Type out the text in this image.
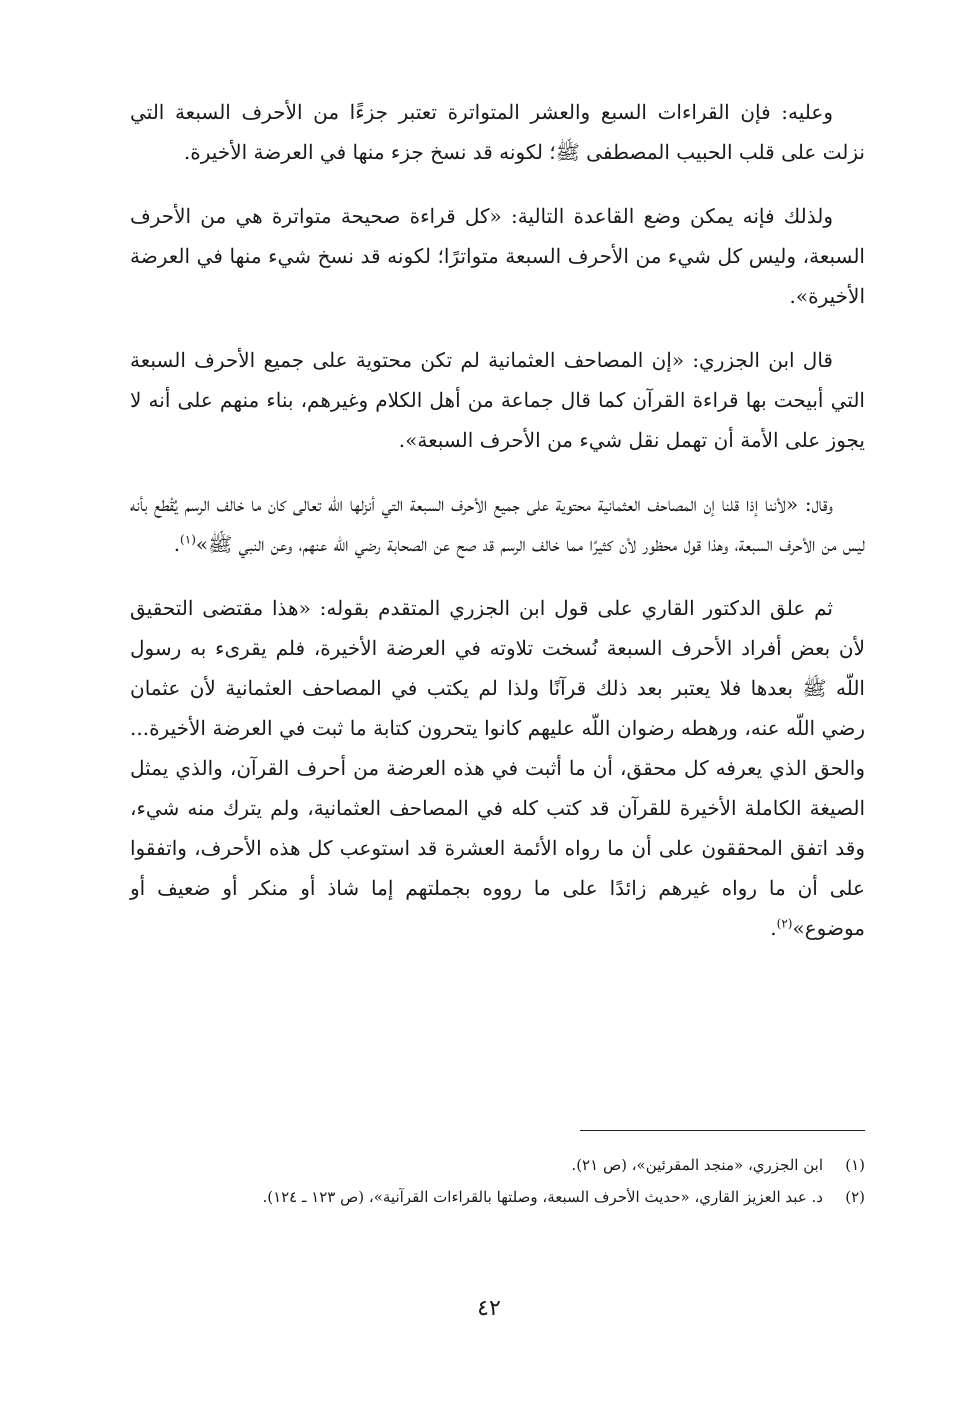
وعليه: فإن القراءات السبع والعشر المتواترة تعتبر جزءًا من الأحرف السبعة التي نزلت على قلب الحبيب المصطفى ﷺ؛ لكونه قد نسخ جزء منها في العرضة الأخيرة.

ولذلك فإنه يمكن وضع القاعدة التالية: «كل قراءة صحيحة متواترة هي من الأحرف السبعة، وليس كل شيء من الأحرف السبعة متواترًا؛ لكونه قد نسخ شيء منها في العرضة الأخيرة».

قال ابن الجزري: «إن المصاحف العثمانية لم تكن محتوية على جميع الأحرف السبعة التي أبيحت بها قراءة القرآن كما قال جماعة من أهل الكلام وغيرهم، بناء منهم على أنه لا يجوز على الأمة أن تهمل نقل شيء من الأحرف السبعة».

وقال: «لأننا إذا قلنا إن المصاحف العثمانية محتوية على جميع الأحرف السبعة التي أنزلها اللّه تعالى كان ما خالف الرسم يُقْطع بأنه ليس من الأحرف السبعة، وهذا قول محظور لأن كثيرًا مما خالف الرسم قد صح عن الصحابة رضي اللّه عنهم، وعن النبي ﷺ»$^{(١)}$.

ثم علق الدكتور القاري على قول ابن الجزري المتقدم بقوله: «هذا مقتضى التحقيق لأن بعض أفراد الأحرف السبعة نُسخت تلاوته في العرضة الأخيرة، فلم يقرىء به رسول اللّه ﷺ بعدها فلا يعتبر بعد ذلك قرآنًا ولذا لم يكتب في المصاحف العثمانية لأن عثمان رضي اللّه عنه، ورهطه رضوان اللّه عليهم كانوا يتحرون كتابة ما ثبت في العرضة الأخيرة... والحق الذي يعرفه كل محقق، أن ما أثبت في هذه العرضة من أحرف القرآن، والذي يمثل الصيغة الكاملة الأخيرة للقرآن قد كتب كله في المصاحف العثمانية، ولم يترك منه شيء، وقد اتفق المحققون على أن ما رواه الأئمة العشرة قد استوعب كل هذه الأحرف، واتفقوا على أن ما رواه غيرهم زائدًا على ما رووه بجملتهم إما شاذ أو منكر أو ضعيف أو موضوع»$^{(٢)}$.

(١)
ابن الجزري، «منجد المقرئين»، (ص ٢١).
(٢)
د. عبد العزيز القاري، «حديث الأحرف السبعة، وصلتها بالقراءات القرآنية»، (ص ١٢٣ ـ ١٢٤).
٤٢
